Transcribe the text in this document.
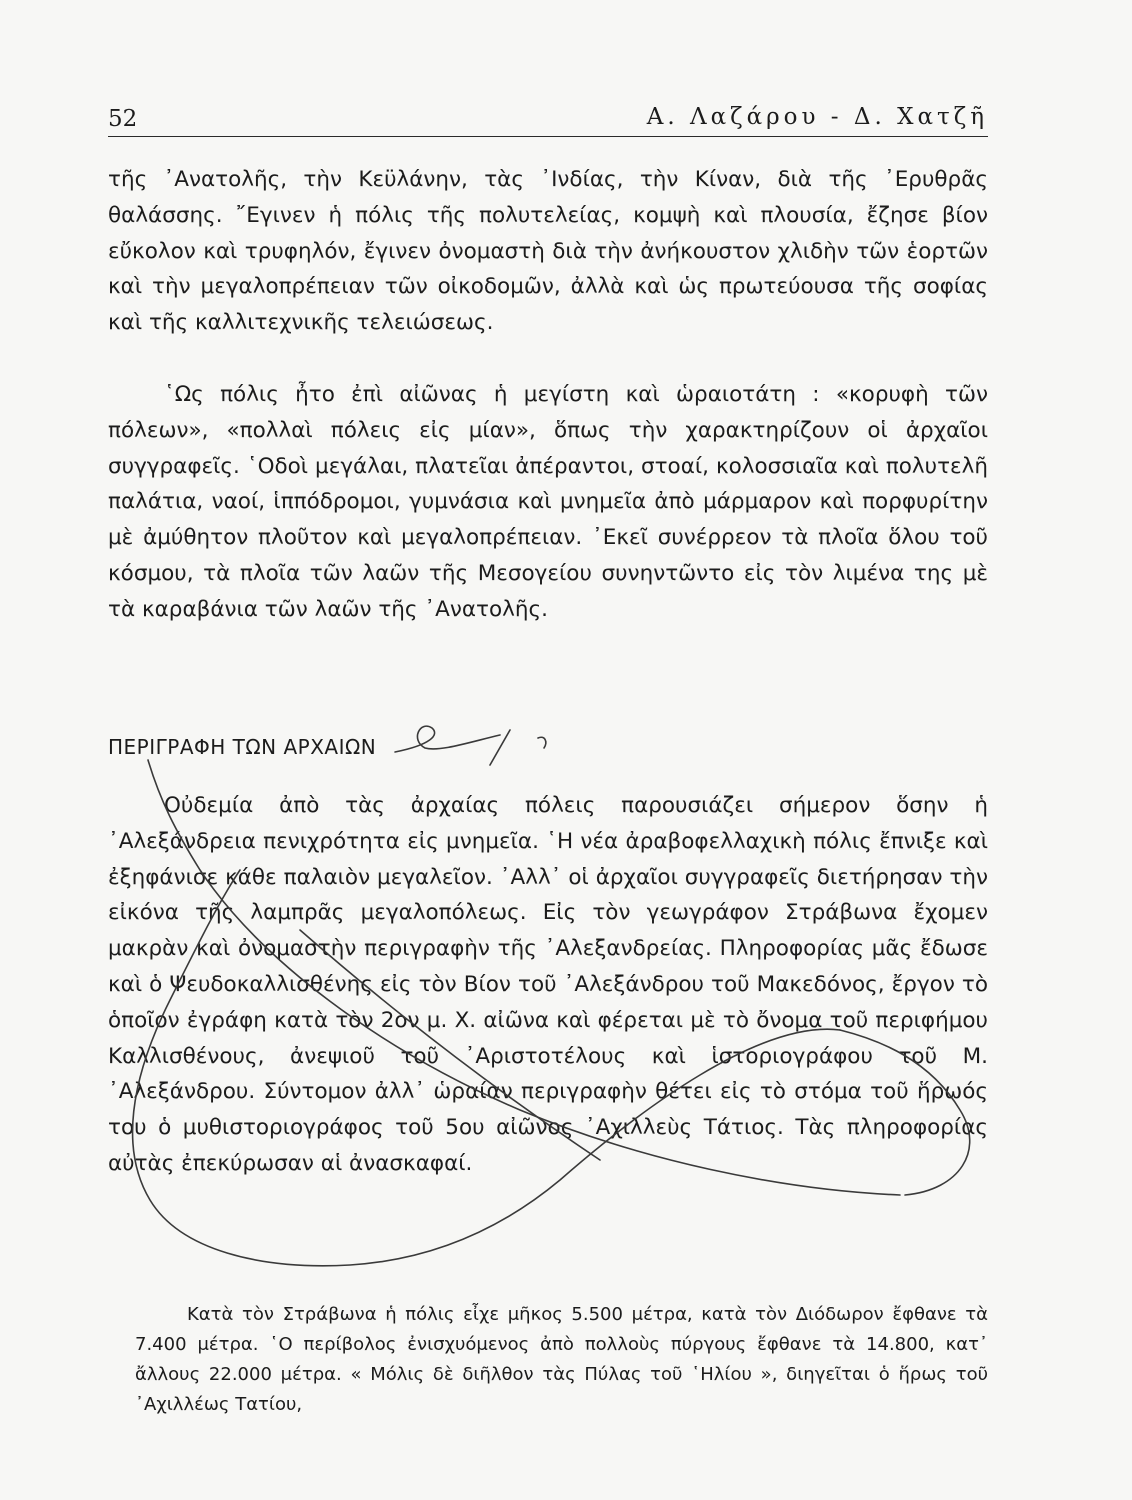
52	Α. Λαζάρου - Δ. Χατζῆ

τῆς ᾿Ανατολῆς, τὴν Κεϋλάνην, τὰς ᾿Ινδίας, τὴν Κίναν, διὰ τῆς ᾿Ερυθρᾶς θαλάσσης. ῎Εγινεν ἡ πόλις τῆς πολυτελείας, κομψὴ καὶ πλουσία, ἔζησε βίον εὔκολον καὶ τρυφηλόν, ἔγινεν ὀνομαστὴ διὰ τὴν ἀνήκουστον χλιδὴν τῶν ἑορτῶν καὶ τὴν μεγαλοπρέπειαν τῶν οἰκοδομῶν, ἀλλὰ καὶ ὡς πρωτεύουσα τῆς σοφίας καὶ τῆς καλλιτεχνικῆς τελειώσεως.

῾Ως πόλις ἦτο ἐπὶ αἰῶνας ἡ μεγίστη καὶ ὡραιοτάτη : «κορυφὴ τῶν πόλεων», «πολλαὶ πόλεις εἰς μίαν», ὅπως τὴν χαρακτηρίζουν οἱ ἀρχαῖοι συγγραφεῖς. ῾Οδοὶ μεγάλαι, πλατεῖαι ἀπέραντοι, στοαί, κολοσσιαῖα καὶ πολυτελῆ παλάτια, ναοί, ἱππόδρομοι, γυμνάσια καὶ μνημεῖα ἀπὸ μάρμαρον καὶ πορφυρίτην μὲ ἀμύθητον πλοῦτον καὶ μεγαλοπρέπειαν. ᾿Εκεῖ συνέρρεον τὰ πλοῖα ὅλου τοῦ κόσμου, τὰ πλοῖα τῶν λαῶν τῆς Μεσογείου συνηντῶντο εἰς τὸν λιμένα της μὲ τὰ καραβάνια τῶν λαῶν τῆς ᾿Ανατολῆς.

ΠΕΡΙΓΡΑΦΗ ΤΩΝ ΑΡΧΑΙΩΝ

Οὐδεμία ἀπὸ τὰς ἀρχαίας πόλεις παρουσιάζει σήμερον ὅσην ἡ ᾿Αλεξάνδρεια πενιχρότητα εἰς μνημεῖα. ῾Η νέα ἀραβοφελλαχικὴ πόλις ἔπνιξε καὶ ἐξηφάνισε κάθε παλαιὸν μεγαλεῖον. ᾿Αλλ᾿ οἱ ἀρχαῖοι συγγραφεῖς διετήρησαν τὴν εἰκόνα τῆς λαμπρᾶς μεγαλοπόλεως. Εἰς τὸν γεωγράφον Στράβωνα ἔχομεν μακρὰν καὶ ὀνομαστὴν περιγραφὴν τῆς ᾿Αλεξανδρείας. Πληροφορίας μᾶς ἔδωσε καὶ ὁ Ψευδοκαλλισθένης εἰς τὸν Βίον τοῦ ᾿Αλεξάνδρου τοῦ Μακεδόνος, ἔργον τὸ ὁποῖον ἐγράφη κατὰ τὸν 2ον μ. Χ. αἰῶνα καὶ φέρεται μὲ τὸ ὄνομα τοῦ περιφήμου Καλλισθένους, ἀνεψιοῦ τοῦ ᾿Αριστοτέλους καὶ ἱστοριογράφου τοῦ Μ. ᾿Αλεξάνδρου. Σύντομον ἀλλ᾿ ὡραίαν περιγραφὴν θέτει εἰς τὸ στόμα τοῦ ἥρωός του ὁ μυθιστοριογράφος τοῦ 5ου αἰῶνος ᾿Αχιλλεὺς Τάτιος. Τὰς πληροφορίας αὐτὰς ἐπεκύρωσαν αἱ ἀνασκαφαί.

Κατὰ τὸν Στράβωνα ἡ πόλις εἶχε μῆκος 5.500 μέτρα, κατὰ τὸν Διόδωρον ἔφθανε τὰ 7.400 μέτρα. ῾Ο περίβολος ἐνισχυόμενος ἀπὸ πολλοὺς πύργους ἔφθανε τὰ 14.800, κατ᾿ ἄλλους 22.000 μέτρα. « Μόλις δὲ διῆλθον τὰς Πύλας τοῦ ῾Ηλίου », διηγεῖται ὁ ἥρως τοῦ ᾿Αχιλλέως Τατίου,
